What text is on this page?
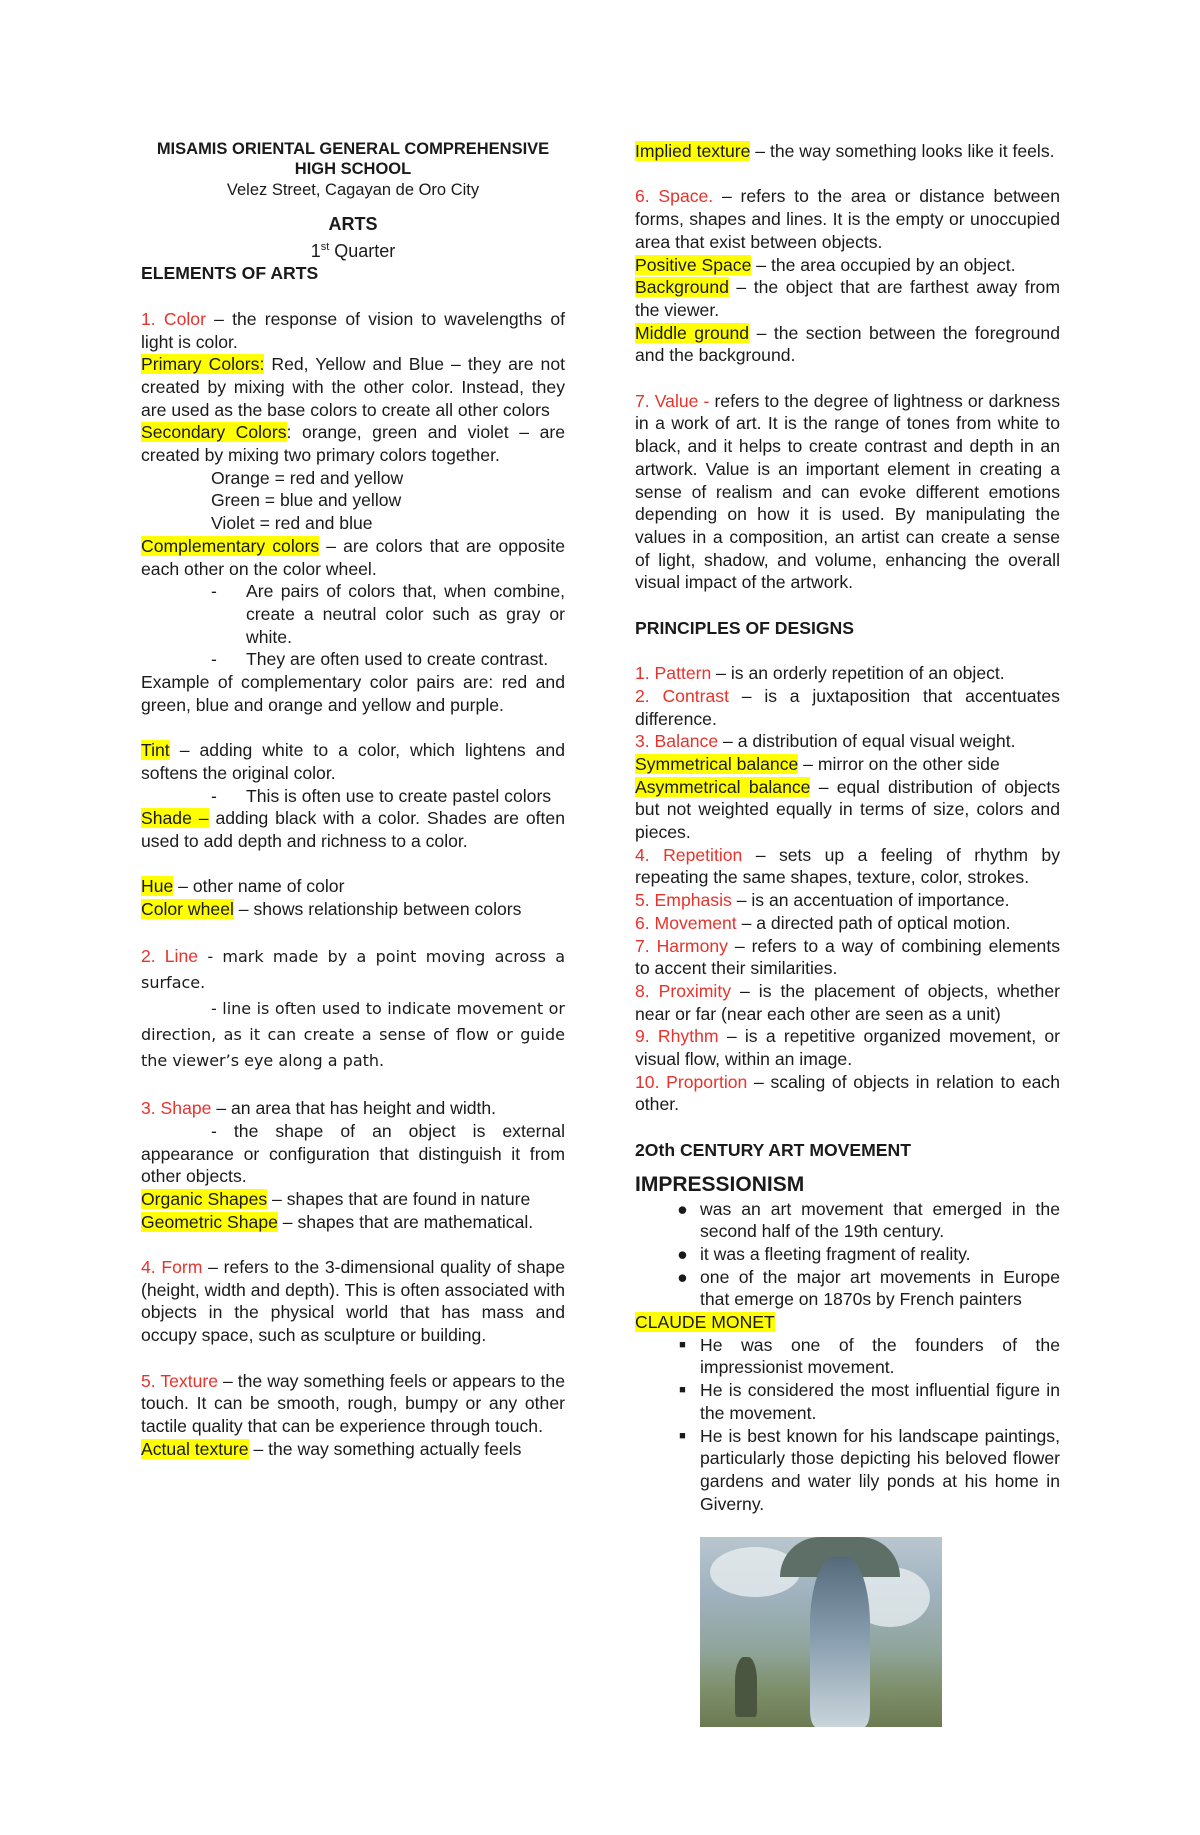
MISAMIS ORIENTAL GENERAL COMPREHENSIVE HIGH SCHOOL

Velez Street, Cagayan de Oro City

ARTS

1st Quarter

ELEMENTS OF ARTS

1. Color – the response of vision to wavelengths of light is color.

Primary Colors: Red, Yellow and Blue – they are not created by mixing with the other color. Instead, they are used as the base colors to create all other colors

Secondary Colors: orange, green and violet – are created by mixing two primary colors together.

Orange = red and yellow

Green = blue and yellow

Violet = red and blue

Complementary colors – are colors that are opposite each other on the color wheel.

-	Are pairs of colors that, when combine, create a neutral color such as gray or white.
-	They are often used to create contrast.

Example of complementary color pairs are: red and green, blue and orange and yellow and purple.

Tint – adding white to a color, which lightens and softens the original color.

-	This is often use to create pastel colors

Shade – adding black with a color. Shades are often used to add depth and richness to a color.

Hue – other name of color

Color wheel – shows relationship between colors

2. Line - mark made by a point moving across a surface.

- line is often used to indicate movement or direction, as it can create a sense of flow or guide the viewer’s eye along a path.

3. Shape – an area that has height and width.

- the shape of an object is external appearance or configuration that distinguish it from other objects.

Organic Shapes – shapes that are found in nature

Geometric Shape – shapes that are mathematical.

4. Form – refers to the 3-dimensional quality of shape (height, width and depth). This is often associated with objects in the physical world that has mass and occupy space, such as sculpture or building.

5. Texture – the way something feels or appears to the touch. It can be smooth, rough, bumpy or any other tactile quality that can be experience through touch.

Actual texture – the way something actually feels

Implied texture – the way something looks like it feels.

6. Space. – refers to the area or distance between forms, shapes and lines. It is the empty or unoccupied area that exist between objects.

Positive Space – the area occupied by an object.

Background – the object that are farthest away from the viewer.

Middle ground – the section between the foreground and the background.

7. Value - refers to the degree of lightness or darkness in a work of art. It is the range of tones from white to black, and it helps to create contrast and depth in an artwork. Value is an important element in creating a sense of realism and can evoke different emotions depending on how it is used. By manipulating the values in a composition, an artist can create a sense of light, shadow, and volume, enhancing the overall visual impact of the artwork.

PRINCIPLES OF DESIGNS

1. Pattern – is an orderly repetition of an object.

2. Contrast – is a juxtaposition that accentuates difference.

3. Balance – a distribution of equal visual weight.

Symmetrical balance – mirror on the other side

Asymmetrical balance – equal distribution of objects but not weighted equally in terms of size, colors and pieces.

4. Repetition – sets up a feeling of rhythm by repeating the same shapes, texture, color, strokes.

5. Emphasis – is an accentuation of importance.

6. Movement – a directed path of optical motion.

7. Harmony – refers to a way of combining elements to accent their similarities.

8. Proximity – is the placement of objects, whether near or far (near each other are seen as a unit)

9. Rhythm – is a repetitive organized movement, or visual flow, within an image.

10. Proportion – scaling of objects in relation to each other.

2Oth CENTURY ART MOVEMENT

IMPRESSIONISM

● was an art movement that emerged in the second half of the 19th century.
● it was a fleeting fragment of reality.
● one of the major art movements in Europe that emerge on 1870s by French painters

CLAUDE MONET

■ He was one of the founders of the impressionist movement.
■ He is considered the most influential figure in the movement.
■ He is best known for his landscape paintings, particularly those depicting his beloved flower gardens and water lily ponds at his home in Giverny.
